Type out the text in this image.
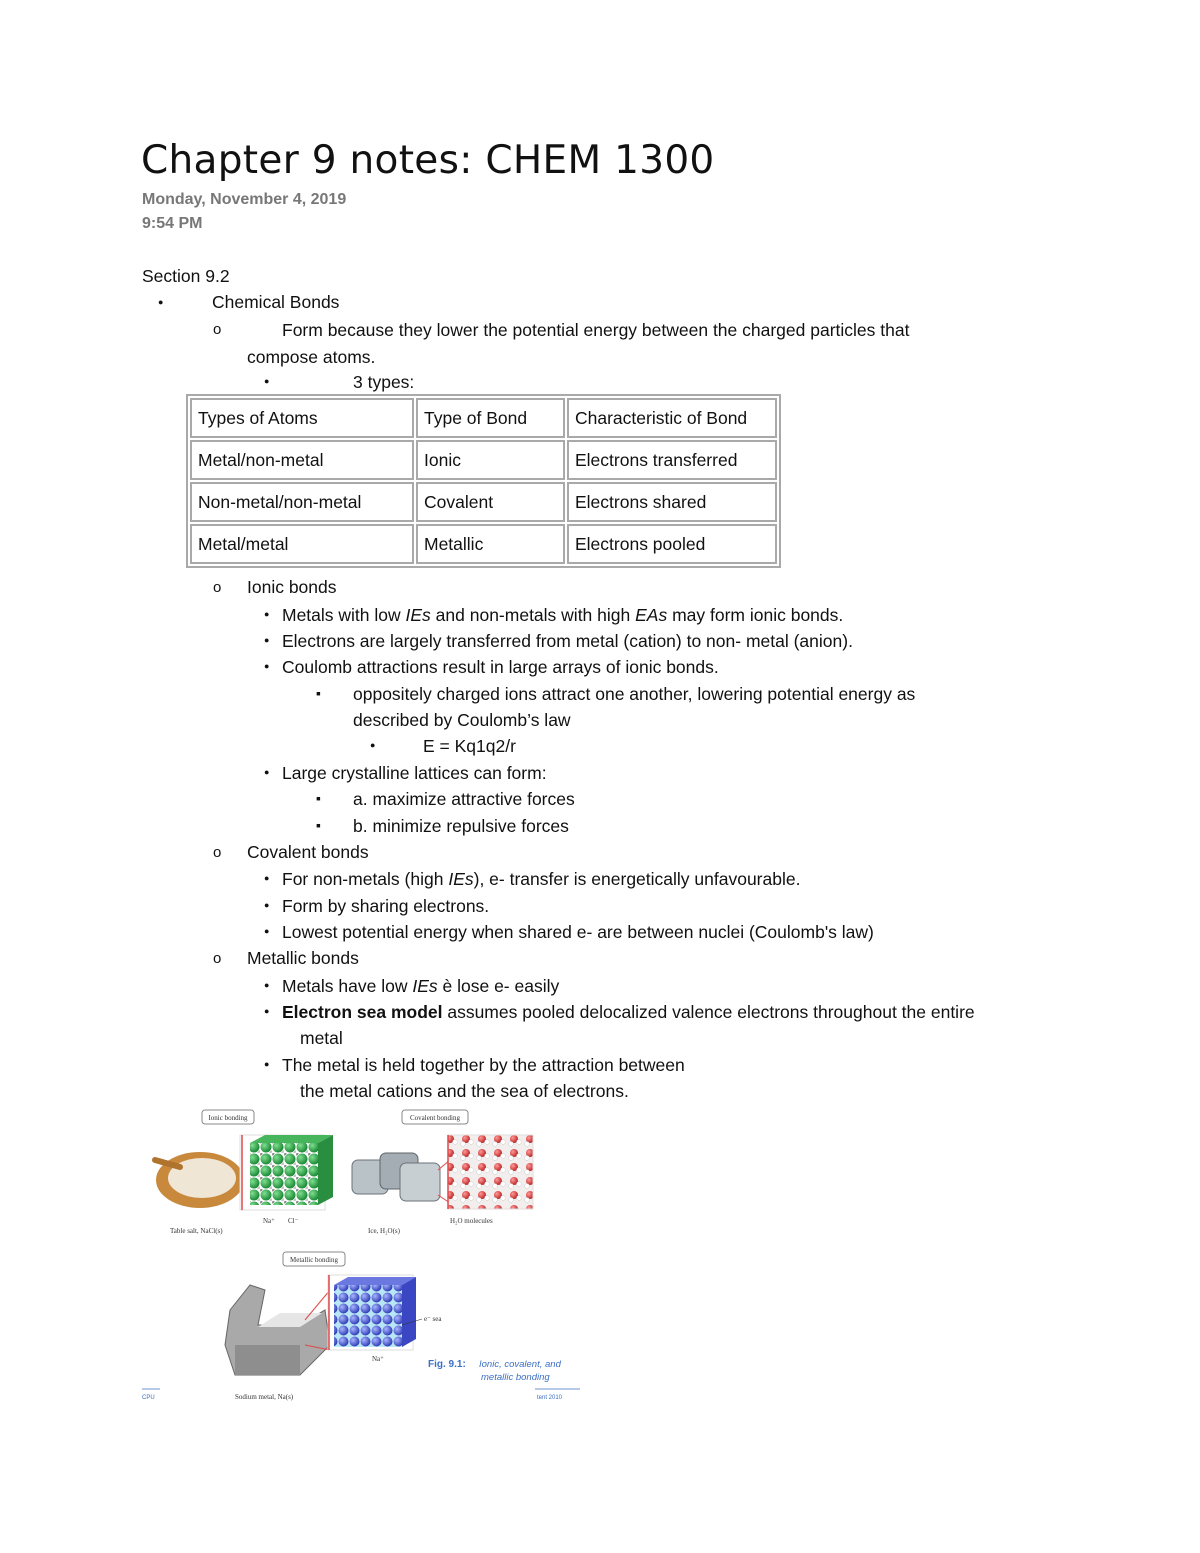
Chapter 9 notes: CHEM 1300
Monday, November 4, 2019
9:54 PM
Section 9.2
●
Chemical Bonds
o
Form because they lower the potential energy between the charged particles that
compose atoms.
●
3 types:
Types of Atoms	Type of Bond	Characteristic of Bond
Metal/non-metal	Ionic	Electrons transferred
Non-metal/non-metal	Covalent	Electrons shared
Metal/metal	Metallic	Electrons pooled
o
Ionic bonds
●
Metals with low IEs and non-metals with high EAs may form ionic bonds.
●
Electrons are largely transferred from metal (cation) to non- metal (anion).
●
Coulomb attractions result in large arrays of ionic bonds.
▪
oppositely charged ions attract one another, lowering potential energy as
described by Coulomb’s law
●
E = Kq1q2/r
●
Large crystalline lattices can form:
▪
a. maximize attractive forces
▪
b. minimize repulsive forces
o
Covalent bonds
●
For non-metals (high IEs), e- transfer is energetically unfavourable.
●
Form by sharing electrons.
●
Lowest potential energy when shared e- are between nuclei (Coulomb's law)
o
Metallic bonds
●
Metals have low IEs è lose e- easily
●
Electron sea model assumes pooled delocalized valence electrons throughout the entire
metal
●
The metal is held together by the attraction between
the metal cations and the sea of electrons.
Ionic bonding
Na⁺ Cl⁻
Table salt, NaCl(s)
Covalent bonding
H₂O molecules
Ice, H₂O(s)
Metallic bonding
e⁻ sea
Na⁺
Sodium metal, Na(s)
Fig. 9.1: Ionic, covalent, and
metallic bonding
tent 2010
CPU
